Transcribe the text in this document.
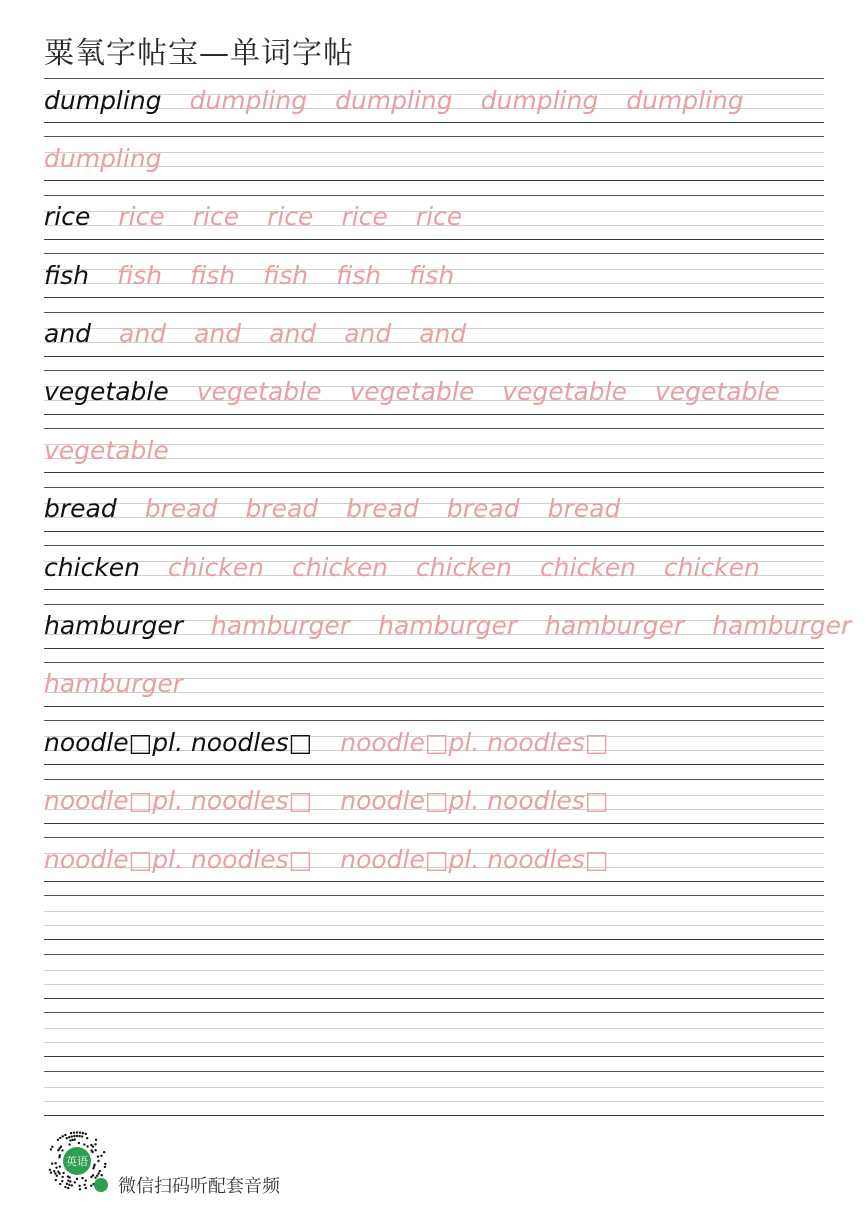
粟氧字帖宝—单词字帖
dumpling dumpling dumpling dumpling dumpling
dumpling
rice rice rice rice rice rice
fish fish fish fish fish fish
and and and and and and
vegetable vegetable vegetable vegetable vegetable
vegetable
bread bread bread bread bread bread
chicken chicken chicken chicken chicken chicken
hamburger hamburger hamburger hamburger hamburger
hamburger
noodle□pl. noodles□ noodle□pl. noodles□
noodle□pl. noodles□ noodle□pl. noodles□
noodle□pl. noodles□ noodle□pl. noodles□
英语
微信扫码听配套音频
